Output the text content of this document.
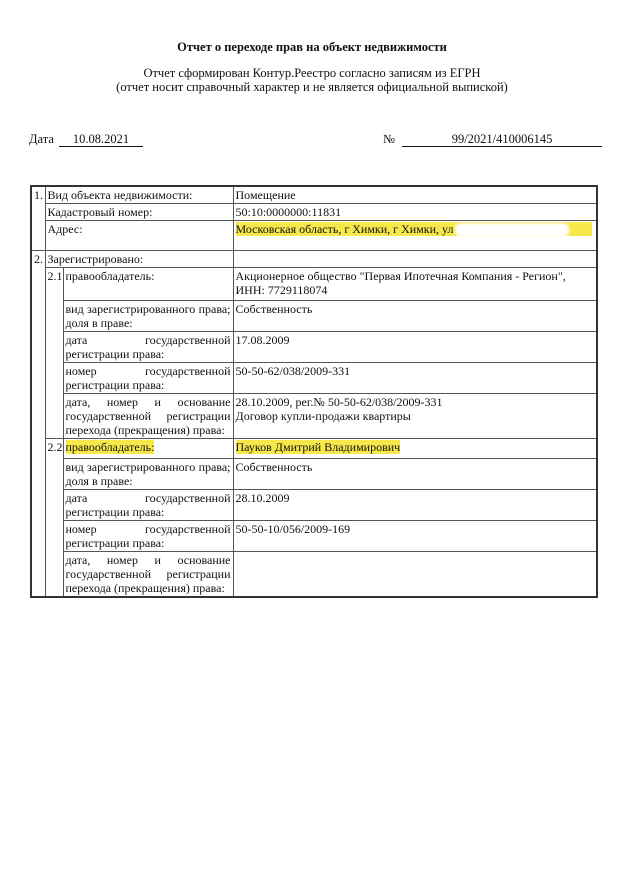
Отчет о переходе прав на объект недвижимости
Отчет сформирован Контур.Реестро согласно записям из ЕГРН
(отчет носит справочный характер и не является официальной выпиской)
Дата 10.08.2021	№	99/2021/410006145
1.	Вид объекта недвижимости:		Помещение
	Кадастровый номер:		50:10:0000000:11831
	Адрес:		Московская область, г Химки, г Химки, ул
2.	Зарегистрировано:		
	2.1	правообладатель:	Акционерное общество "Первая Ипотечная Компания - Регион", ИНН: 7729118074
		вид зарегистрированного права; доля в праве:	Собственность
		дата государственной регистрации права:	17.08.2009
		номер государственной регистрации права:	50-50-62/038/2009-331
		дата, номер и основание государственной регистрации перехода (прекращения) права:	28.10.2009, рег.№ 50-50-62/038/2009-331
Договор купли-продажи квартиры

	2.2	правообладатель:	Пауков Дмитрий Владимирович
		вид зарегистрированного права; доля в праве:	Собственность
		дата государственной регистрации права:	28.10.2009
		номер государственной регистрации права:	50-50-10/056/2009-169
		дата, номер и основание государственной регистрации перехода (прекращения) права:	
